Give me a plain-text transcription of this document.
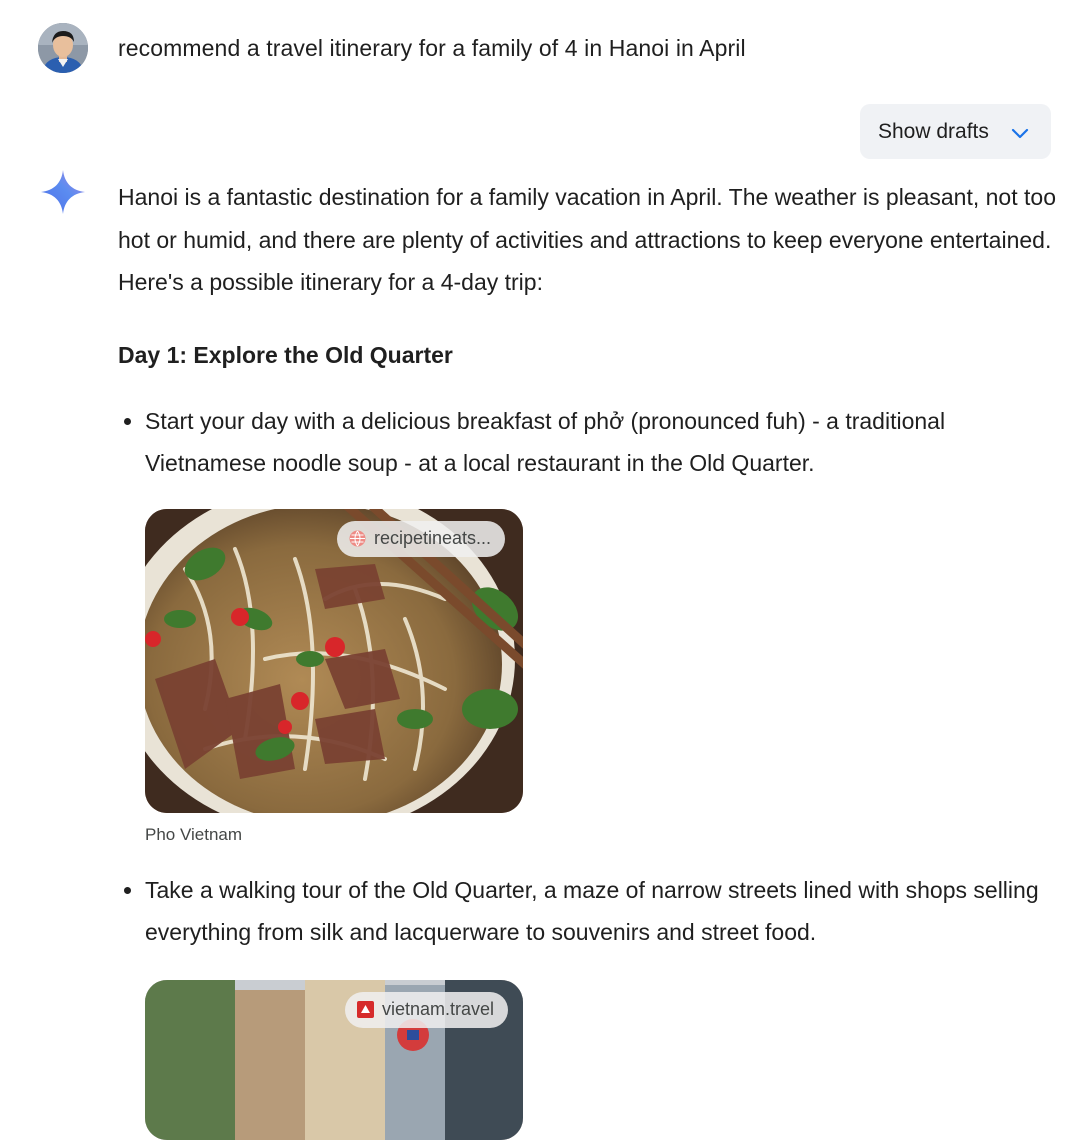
recommend a travel itinerary for a family of 4 in Hanoi in April
Show drafts

Hanoi is a fantastic destination for a family vacation in April. The weather is pleasant, not too hot or humid, and there are plenty of activities and attractions to keep everyone entertained. Here's a possible itinerary for a 4-day trip:

Day 1: Explore the Old Quarter
Start your day with a delicious breakfast of phở (pronounced fuh) - a traditional Vietnamese noodle soup - at a local restaurant in the Old Quarter.
recipetineats...
Pho Vietnam
Take a walking tour of the Old Quarter, a maze of narrow streets lined with shops selling everything from silk and lacquerware to souvenirs and street food.
vietnam.travel
